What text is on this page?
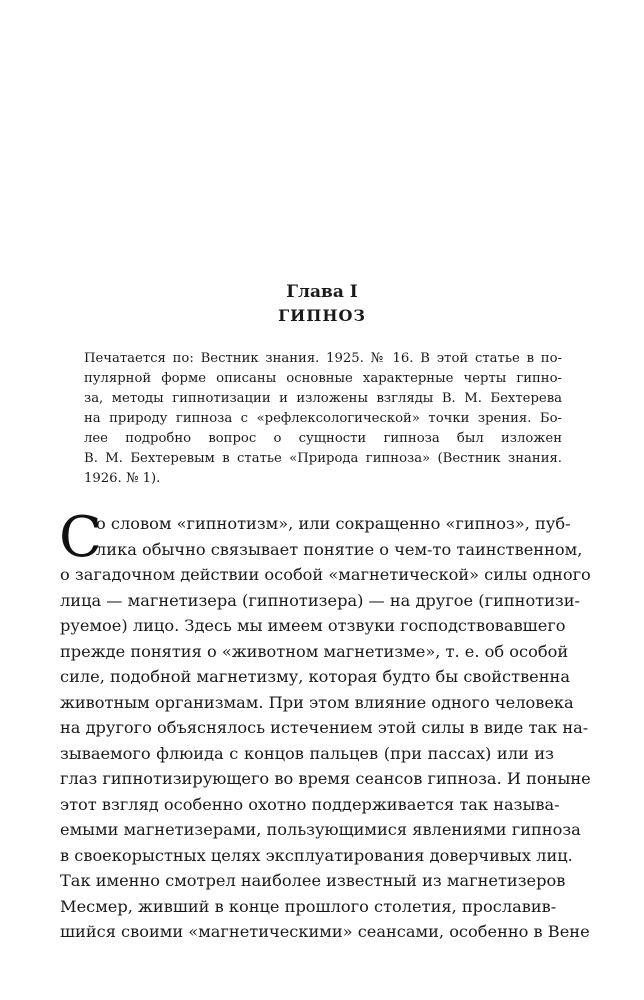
Глава I
ГИПНОЗ
Печатается по: Вестник знания. 1925. № 16. В этой статье в по-
пулярной форме описаны основные характерные черты гипно-
за, методы гипнотизации и изложены взгляды В. М. Бехтерева
на природу гипноза с «рефлексологической» точки зрения. Бо-
лее подробно вопрос о сущности гипноза был изложен
В. М. Бехтеревым в статье «Природа гипноза» (Вестник знания.
1926. № 1).
С
о словом «гипнотизм», или сокращенно «гипноз», пуб-
лика обычно связывает понятие о чем-то таинственном,
о загадочном действии особой «магнетической» силы одного
лица — магнетизера (гипнотизера) — на другое (гипнотизи-
руемое) лицо. Здесь мы имеем отзвуки господствовавшего
прежде понятия о «животном магнетизме», т. е. об особой
силе, подобной магнетизму, которая будто бы свойственна
животным организмам. При этом влияние одного человека
на другого объяснялось истечением этой силы в виде так на-
зываемого флюида с концов пальцев (при пассах) или из
глаз гипнотизирующего во время сеансов гипноза. И поныне
этот взгляд особенно охотно поддерживается так называ-
емыми магнетизерами, пользующимися явлениями гипноза
в своекорыстных целях эксплуатирования доверчивых лиц.
Так именно смотрел наиболее известный из магнетизеров
Месмер, живший в конце прошлого столетия, прославив-
шийся своими «магнетическими» сеансами, особенно в Вене
